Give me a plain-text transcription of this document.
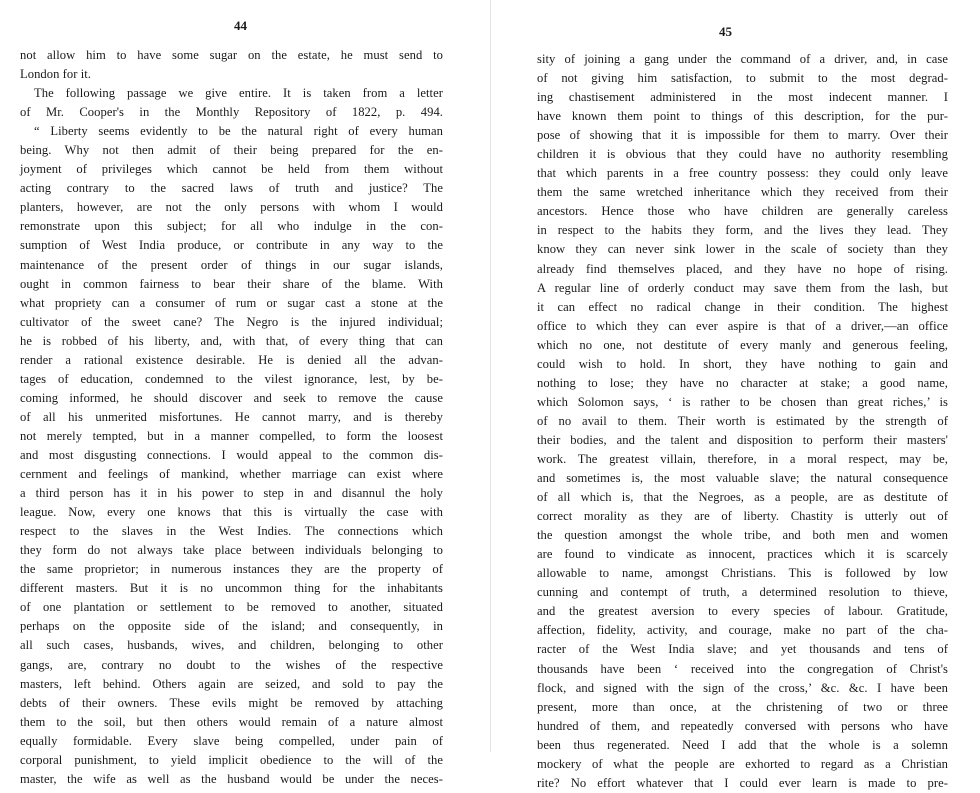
44
not allow him to have some sugar on the estate, he must send to
London for it.
The following passage we give entire. It is taken from a letter
of Mr. Cooper's in the Monthly Repository of 1822, p. 494.
“ Liberty seems evidently to be the natural right of every human
being. Why not then admit of their being prepared for the en-
joyment of privileges which cannot be held from them without
acting contrary to the sacred laws of truth and justice? The
planters, however, are not the only persons with whom I would
remonstrate upon this subject; for all who indulge in the con-
sumption of West India produce, or contribute in any way to the
maintenance of the present order of things in our sugar islands,
ought in common fairness to bear their share of the blame. With
what propriety can a consumer of rum or sugar cast a stone at the
cultivator of the sweet cane? The Negro is the injured individual;
he is robbed of his liberty, and, with that, of every thing that can
render a rational existence desirable. He is denied all the advan-
tages of education, condemned to the vilest ignorance, lest, by be-
coming informed, he should discover and seek to remove the cause
of all his unmerited misfortunes. He cannot marry, and is thereby
not merely tempted, but in a manner compelled, to form the loosest
and most disgusting connections. I would appeal to the common dis-
cernment and feelings of mankind, whether marriage can exist where
a third person has it in his power to step in and disannul the holy
league. Now, every one knows that this is virtually the case with
respect to the slaves in the West Indies. The connections which
they form do not always take place between individuals belonging to
the same proprietor; in numerous instances they are the property of
different masters. But it is no uncommon thing for the inhabitants
of one plantation or settlement to be removed to another, situated
perhaps on the opposite side of the island; and consequently, in
all such cases, husbands, wives, and children, belonging to other
gangs, are, contrary no doubt to the wishes of the respective
masters, left behind. Others again are seized, and sold to pay the
debts of their owners. These evils might be removed by attaching
them to the soil, but then others would remain of a nature almost
equally formidable. Every slave being compelled, under pain of
corporal punishment, to yield implicit obedience to the will of the
master, the wife as well as the husband would be under the neces-
45
sity of joining a gang under the command of a driver, and, in case
of not giving him satisfaction, to submit to the most degrad-
ing chastisement administered in the most indecent manner. I
have known them point to things of this description, for the pur-
pose of showing that it is impossible for them to marry. Over their
children it is obvious that they could have no authority resembling
that which parents in a free country possess: they could only leave
them the same wretched inheritance which they received from their
ancestors. Hence those who have children are generally careless
in respect to the habits they form, and the lives they lead. They
know they can never sink lower in the scale of society than they
already find themselves placed, and they have no hope of rising.
A regular line of orderly conduct may save them from the lash, but
it can effect no radical change in their condition. The highest
office to which they can ever aspire is that of a driver,—an office
which no one, not destitute of every manly and generous feeling,
could wish to hold. In short, they have nothing to gain and
nothing to lose; they have no character at stake; a good name,
which Solomon says, ‘ is rather to be chosen than great riches,’ is
of no avail to them. Their worth is estimated by the strength of
their bodies, and the talent and disposition to perform their masters'
work. The greatest villain, therefore, in a moral respect, may be,
and sometimes is, the most valuable slave; the natural consequence
of all which is, that the Negroes, as a people, are as destitute of
correct morality as they are of liberty. Chastity is utterly out of
the question amongst the whole tribe, and both men and women
are found to vindicate as innocent, practices which it is scarcely
allowable to name, amongst Christians. This is followed by low
cunning and contempt of truth, a determined resolution to thieve,
and the greatest aversion to every species of labour. Gratitude,
affection, fidelity, activity, and courage, make no part of the cha-
racter of the West India slave; and yet thousands and tens of
thousands have been ‘ received into the congregation of Christ's
flock, and signed with the sign of the cross,’ &c. &c. I have been
present, more than once, at the christening of two or three
hundred of them, and repeatedly conversed with persons who have
been thus regenerated. Need I add that the whole is a solemn
mockery of what the people are exhorted to regard as a Christian
rite? No effort whatever that I could ever learn is made to pre-
